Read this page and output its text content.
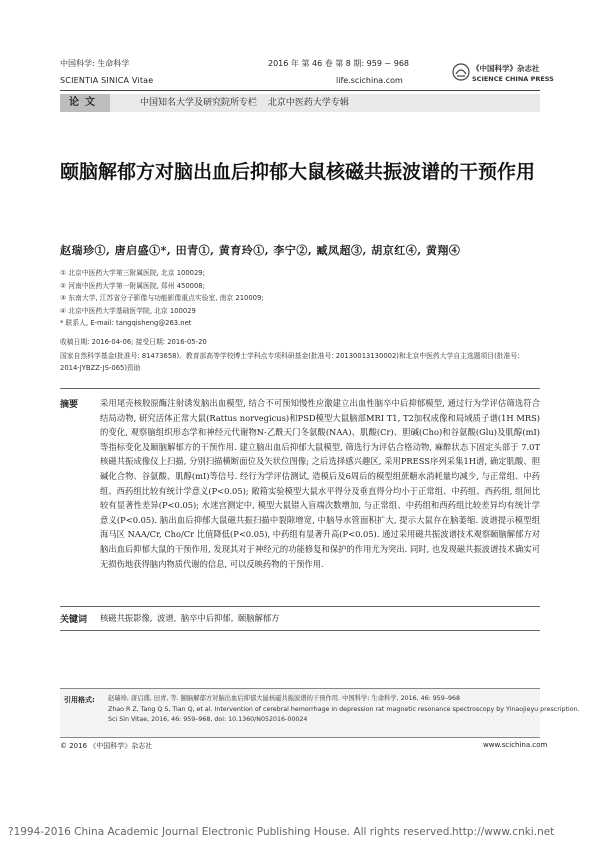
中国科学: 生命科学
SCIENTIA SINICA Vitae
2016 年 第 46 卷 第 8 期: 959 ~ 968
life.scichina.com
《中国科学》杂志社
SCIENCE CHINA PRESS
论文	中国知名大学及研究院所专栏 北京中医药大学专辑
颐脑解郁方对脑出血后抑郁大鼠核磁共振波谱的干预作用
赵瑞珍①, 唐启盛①*, 田青①, 黄育玲①, 李宁②, 臧凤超③, 胡京红④, 黄翔④
① 北京中医药大学第三附属医院, 北京 100029;
② 河南中医药大学第一附属医院, 郑州 450008;
③ 东南大学, 江苏省分子影像与功能影像重点实验室, 南京 210009;
④ 北京中医药大学基础医学院, 北京 100029
* 联系人, E-mail: tangqisheng@263.net
收稿日期: 2016-04-06; 接受日期: 2016-05-20
国家自然科学基金(批准号: 81473658)、教育部高等学校博士学科点专项科研基金(批准号: 20130013130002)和北京中医药大学自主选题项目(批准号: 2014-JYBZZ-JS-065)资助
摘要	采用尾壳核胶原酶注射诱发脑出血模型, 结合不可预知慢性应激建立出血性脑卒中后抑郁模型, 通过行为学评估筛选符合结局动物, 研究活体正常大鼠(Rattus norvegicus)和PSD模型大鼠脑部MRI T1, T2加权成像和局域质子谱(1H MRS)的变化, 观察脑组织形态学和神经元代谢物N-乙酰天门冬氨酸(NAA)、肌酸(Cr)、胆碱(Cho)和谷氨酸(Glu)及肌醇(mI)等指标变化及颐脑解郁方的干预作用. 建立脑出血后抑郁大鼠模型, 筛选行为评估合格动物, 麻醉状态下固定头部于 7.0T 核磁共振成像仪上扫描, 分别扫描横断面位及矢状位图像; 之后选择感兴趣区, 采用PRESS序列采集1H谱, 确定肌酸、胆碱化合物、谷氨酸、肌醇(mI)等信号. 经行为学评估测试, 造模后及6周后的模型组蔗糖水消耗量均减少, 与正常组、中药组、西药组比较有统计学意义(P<0.05); 敞箱实验模型大鼠水平得分及垂直得分均小于正常组、中药组、西药组, 组间比较有显著性差异(P<0.05); 水迷宫测定中, 模型大鼠错入盲端次数增加, 与正常组、中药组和西药组比较差异均有统计学意义(P<0.05). 脑出血后抑郁大鼠磁共振扫描中裂隙增宽, 中脑导水管面积扩大, 提示大鼠存在脑萎缩. 波谱提示模型组海马区 NAA/Cr, Cho/Cr 比值降低(P<0.05), 中药组有显著升高(P<0.05). 通过采用磁共振波谱技术观察颐脑解郁方对脑出血后抑郁大鼠的干预作用, 发现其对于神经元的功能修复和保护的作用尤为突出. 同时, 也发现磁共振波谱技术确实可无损伤地获得脑内物质代谢的信息, 可以反映药物的干预作用.
关键词 核磁共振影像, 波谱, 脑卒中后抑郁, 颐脑解郁方
引用格式: 赵瑞珍, 唐启盛, 田青, 等. 颐脑解郁方对脑出血后抑郁大鼠核磁共振波谱的干预作用. 中国科学: 生命科学, 2016, 46: 959–968
Zhao R Z, Tang Q S, Tian Q, et al. Intervention of cerebral hemorrhage in depression rat magnetic resonance spectroscopy by Yinaojieyu prescription.
Sci Sin Vitae, 2016, 46: 959–968, doi: 10.1360/N052016-00024
© 2016 《中国科学》杂志社	www.scichina.com
?1994-2016 China Academic Journal Electronic Publishing House. All rights reserved. http://www.cnki.net
